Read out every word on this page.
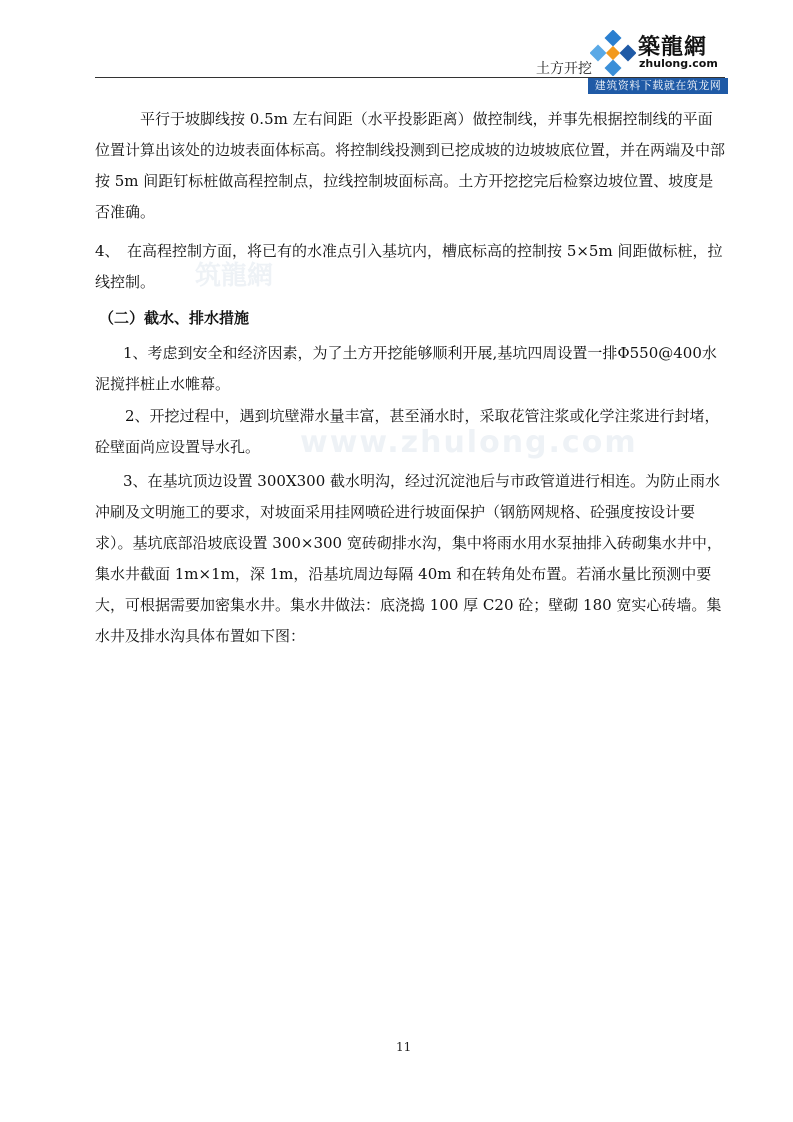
土方开挖
築龍網
zhulong.com
建筑资料下载就在筑龙网
筑龍網
www.zhulong.com

平行于坡脚线按 0.5m 左右间距（水平投影距离）做控制线，并事先根据控制线的平面位置计算出该处的边坡表面体标高。将控制线投测到已挖成坡的边坡坡底位置，并在两端及中部按 5m 间距钉标桩做高程控制点，拉线控制坡面标高。土方开挖挖完后检察边坡位置、坡度是否准确。

4、　在高程控制方面，将已有的水准点引入基坑内，槽底标高的控制按 5×5m 间距做标桩，拉线控制。

（二）截水、排水措施

1、考虑到安全和经济因素，为了土方开挖能够顺利开展,基坑四周设置一排Φ550@400水泥搅拌桩止水帷幕。

2、开挖过程中，遇到坑壁滞水量丰富，甚至涌水时，采取花管注浆或化学注浆进行封堵，砼壁面尚应设置导水孔。

3、在基坑顶边设置 300X300 截水明沟，经过沉淀池后与市政管道进行相连。为防止雨水冲刷及文明施工的要求，对坡面采用挂网喷砼进行坡面保护（钢筋网规格、砼强度按设计要求）。基坑底部沿坡底设置 300×300 宽砖砌排水沟，集中将雨水用水泵抽排入砖砌集水井中，集水井截面 1m×1m，深 1m，沿基坑周边每隔 40m 和在转角处布置。若涌水量比预测中要大，可根据需要加密集水井。集水井做法：底浇捣 100 厚 C20 砼；壁砌 180 宽实心砖墙。集水井及排水沟具体布置如下图：

11
